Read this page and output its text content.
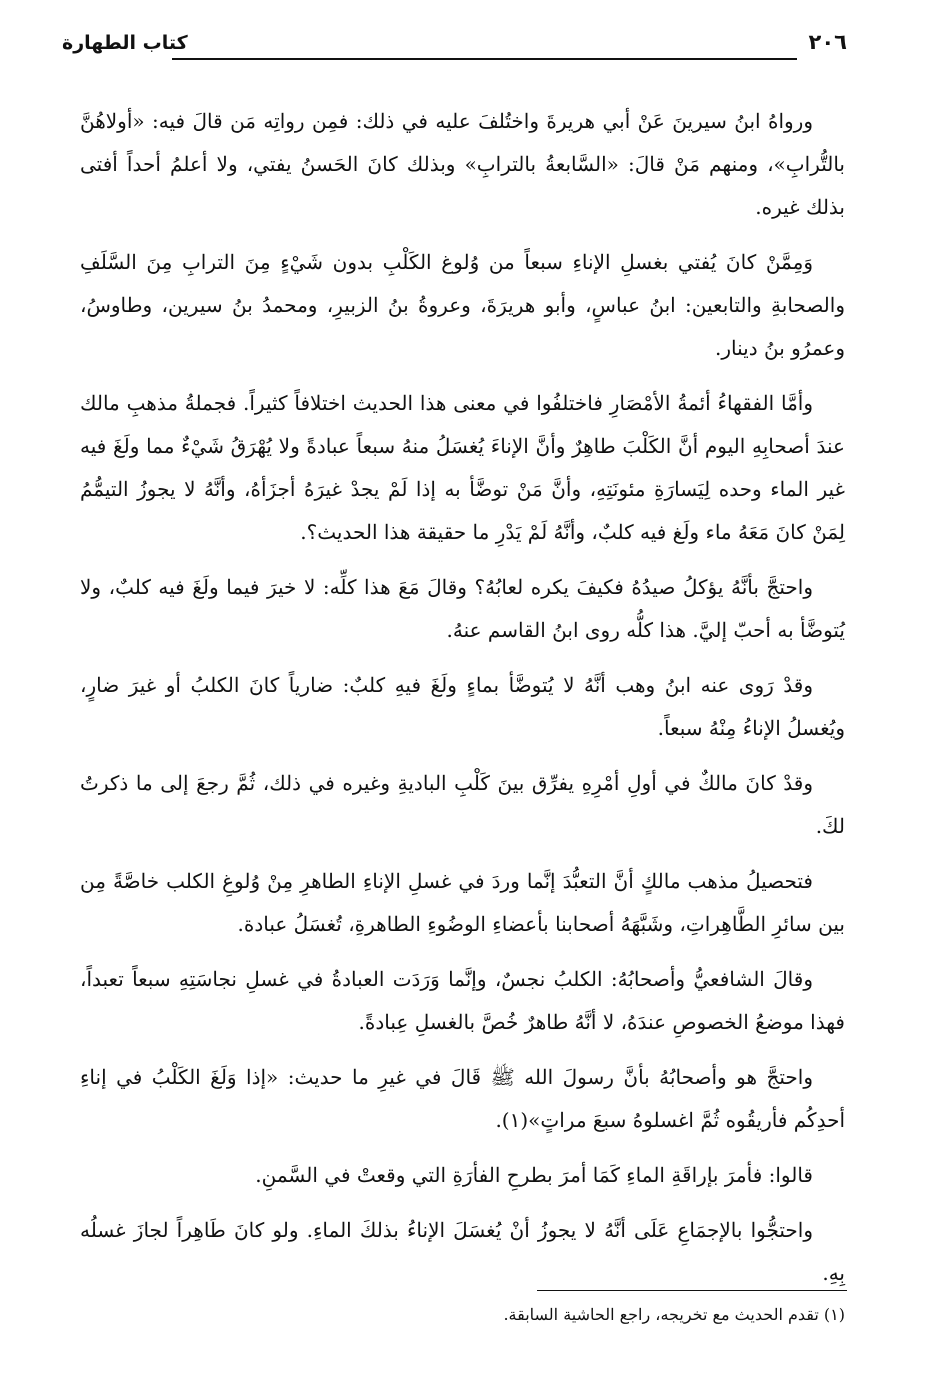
كتاب الطهارة	٢٠٦

ورواهُ ابنُ سيرينَ عَنْ أبي هريرةَ واختُلفَ عليه في ذلك: فمِن رواتِه مَن قالَ فيه: «أولاهُنَّ بالتُّرابِ»، ومنهم مَنْ قالَ: «السَّابعةُ بالترابِ» وبذلك كانَ الحَسنُ يفتي، ولا أعلمُ أحداً أفتى بذلك غيره.

وَمِمَّنْ كانَ يُفتي بغسلِ الإناءِ سبعاً من وُلوغ الكَلْبِ بدون شَيْءٍ مِنَ الترابِ مِنَ السَّلَفِ والصحابةِ والتابعين: ابنُ عباسٍ، وأبو هريرَةَ، وعروةُ بنُ الزبيرِ، ومحمدُ بنُ سيرين، وطاوسُ، وعمرُو بنُ دينار.

وأمَّا الفقهاءُ أئمةُ الأمْصَارِ فاختلفُوا في معنى هذا الحديث اختلافاً كثيراً. فجملةُ مذهبِ مالك عندَ أصحابِهِ اليوم أنَّ الكَلْبَ طاهِرٌ وأنَّ الإناءَ يُغسَلُ منهُ سبعاً عبادةً ولا يُهْرَقُ شَيْءٌ مما ولَغَ فيه غير الماء وحده لِيَسارَةِ مئونَتِهِ، وأنَّ مَنْ توضَّأ به إذا لَمْ يجدْ غيرَهُ أجزَأهُ، وأنَّهُ لا يجوزُ التيمُّمُ لِمَنْ كانَ مَعَهُ ماء ولَغ فيه كلبٌ، وأنَّهُ لَمْ يَدْرِ ما حقيقة هذا الحديث؟.

واحتجَّ بأنَّهُ يؤكلُ صيدُهُ فكيفَ يكره لعابُهُ؟ وقالَ مَعَ هذا كلِّه: لا خيرَ فيما ولَغَ فيه كلبٌ، ولا يُتوضَّأ به أحبّ إليَّ. هذا كلُّه روى ابنُ القاسم عنهُ.

وقدْ رَوى عنه ابنُ وهب أنَّهُ لا يُتوضَّأ بماءٍ ولَغَ فيهِ كلبٌ: ضارياً كانَ الكلبُ أو غيرَ ضارٍ، ويُغسلُ الإناءُ مِنْهُ سبعاً.

وقدْ كانَ مالكٌ في أولِ أمْرِهِ يفرِّق بينَ كَلْبِ الباديةِ وغيره في ذلك، ثُمَّ رجعَ إلى ما ذكرتُ لكَ.

فتحصيلُ مذهب مالكٍ أنَّ التعبُّدَ إنَّما وردَ في غسلِ الإناءِ الطاهرِ مِنْ وُلوغِ الكلب خاصَّةً مِن بين سائرِ الطَّاهِراتِ، وشَبَّهَهُ أصحابنا بأعضاءِ الوضُوءِ الطاهرةِ، تُغسَلُ عبادة.

وقالَ الشافعيُّ وأصحابُهُ: الكلبُ نجسٌ، وإنَّما وَرَدَت العبادةُ في غسلِ نجاسَتِهِ سبعاً تعبداً، فهذا موضعُ الخصوصِ عندَهُ، لا أنَّهُ طاهرٌ خُصَّ بالغسلِ عِبادةً.

واحتجَّ هو وأصحابُهُ بأنَّ رسولَ الله ﷺ قَالَ في غيرِ ما حديث: «إذا وَلَغَ الكَلْبُ في إناءِ أحدِكُم فأريقُوه ثُمَّ اغسلوهُ سبعَ مراتٍ»(١).

قالوا: فأمرَ بإراقَةِ الماءِ كَمَا أمرَ بطرحِ الفأرَةِ التي وقعتْ في السَّمنِ.

واحتجُّوا بالإجمَاعِ عَلَى أنَّهُ لا يجوزُ أنْ يُغسَلَ الإناءُ بذلكَ الماءِ. ولو كانَ طَاهِراً لجازَ غسلُه بِهِ.

(١) تقدم الحديث مع تخريجه، راجع الحاشية السابقة.
